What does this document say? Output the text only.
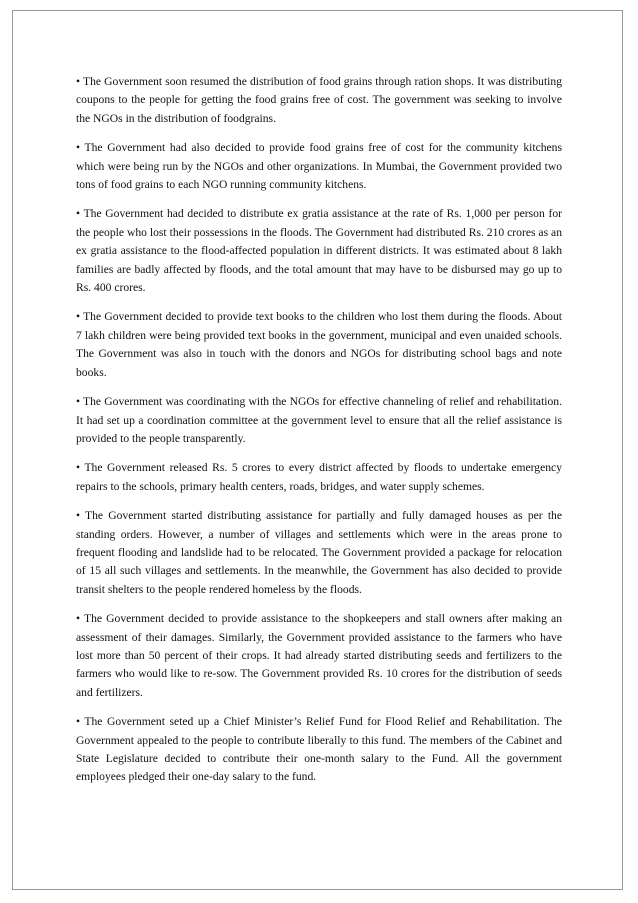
• The Government soon resumed the distribution of food grains through ration shops. It was distributing coupons to the people for getting the food grains free of cost. The government was seeking to involve the NGOs in the distribution of foodgrains.

• The Government had also decided to provide food grains free of cost for the community kitchens which were being run by the NGOs and other organizations. In Mumbai, the Government provided two tons of food grains to each NGO running community kitchens.

• The Government had decided to distribute ex gratia assistance at the rate of Rs. 1,000 per person for the people who lost their possessions in the floods. The Government had distributed Rs. 210 crores as an ex gratia assistance to the flood-affected population in different districts. It was estimated about 8 lakh families are badly affected by floods, and the total amount that may have to be disbursed may go up to Rs. 400 crores.

• The Government decided to provide text books to the children who lost them during the floods. About 7 lakh children were being provided text books in the government, municipal and even unaided schools. The Government was also in touch with the donors and NGOs for distributing school bags and note books.

• The Government was coordinating with the NGOs for effective channeling of relief and rehabilitation. It had set up a coordination committee at the government level to ensure that all the relief assistance is provided to the people transparently.

• The Government released Rs. 5 crores to every district affected by floods to undertake emergency repairs to the schools, primary health centers, roads, bridges, and water supply schemes.

• The Government started distributing assistance for partially and fully damaged houses as per the standing orders. However, a number of villages and settlements which were in the areas prone to frequent flooding and landslide had to be relocated. The Government provided a package for relocation of 15 all such villages and settlements. In the meanwhile, the Government has also decided to provide transit shelters to the people rendered homeless by the floods.

• The Government decided to provide assistance to the shopkeepers and stall owners after making an assessment of their damages. Similarly, the Government provided assistance to the farmers who have lost more than 50 percent of their crops. It had already started distributing seeds and fertilizers to the farmers who would like to re-sow. The Government provided Rs. 10 crores for the distribution of seeds and fertilizers.

• The Government seted up a Chief Minister’s Relief Fund for Flood Relief and Rehabilitation. The Government appealed to the people to contribute liberally to this fund. The members of the Cabinet and State Legislature decided to contribute their one-month salary to the Fund. All the government employees pledged their one-day salary to the fund.
